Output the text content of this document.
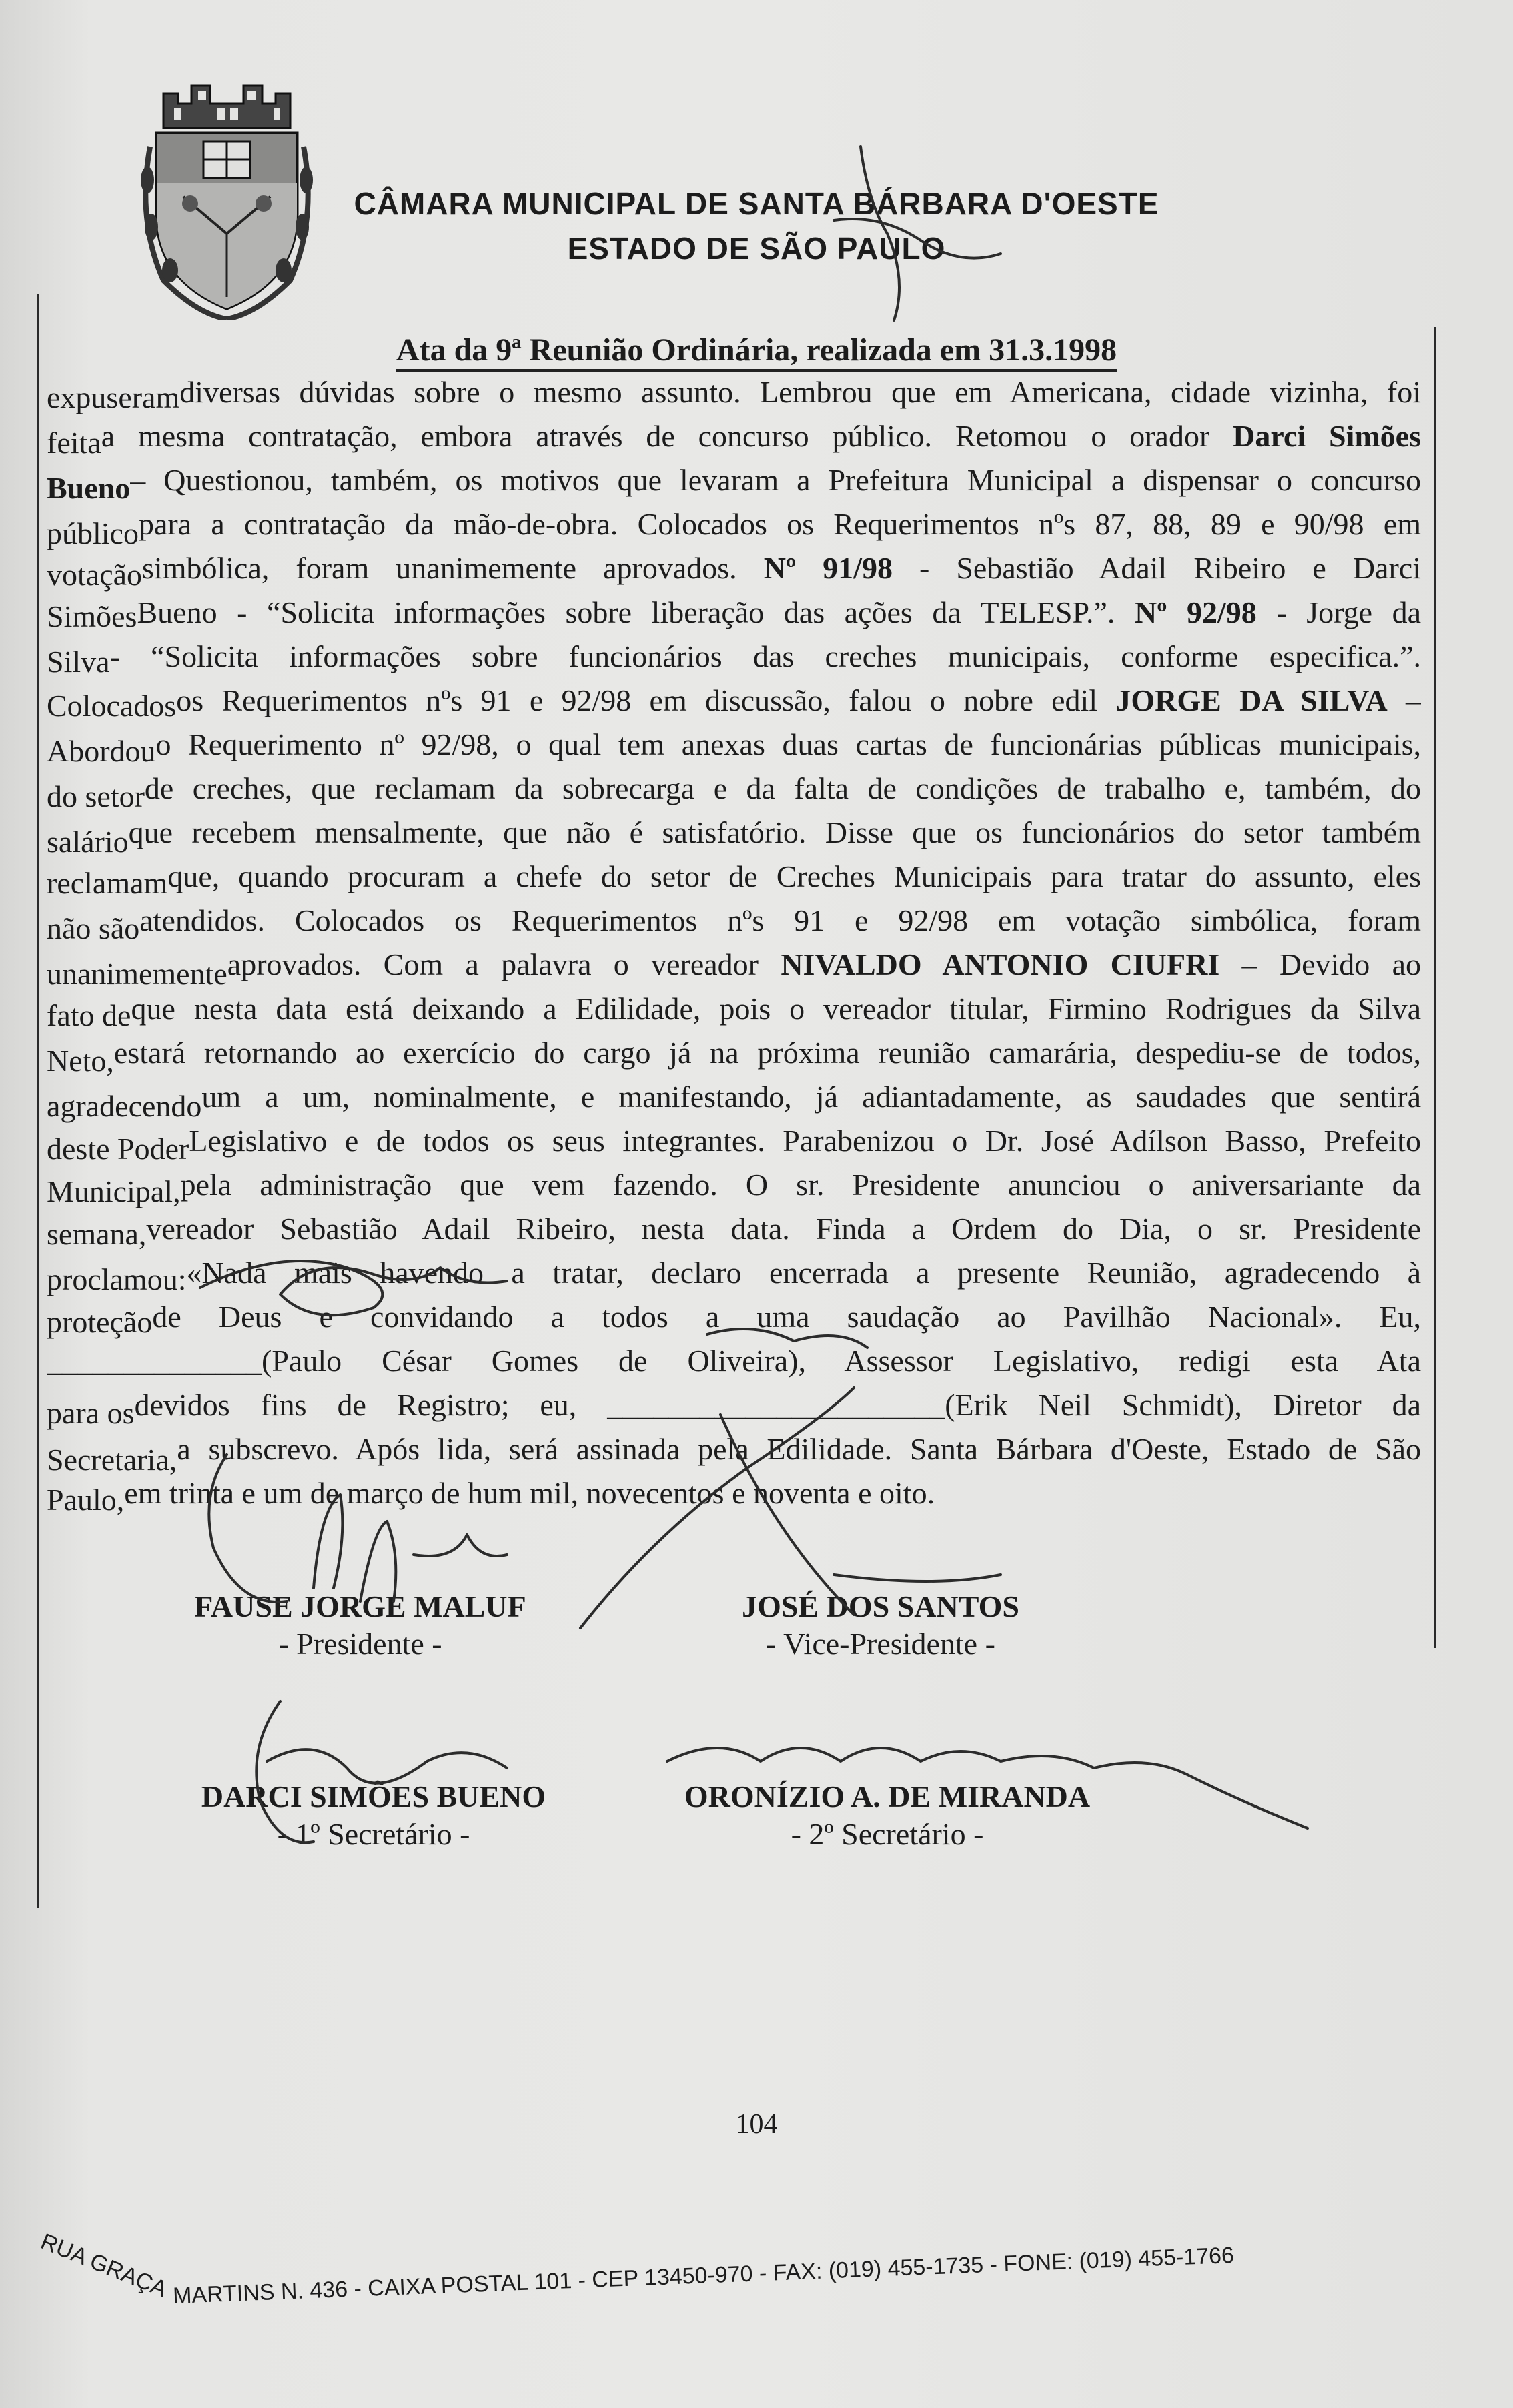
CÂMARA MUNICIPAL DE SANTA BÁRBARA D'OESTE
ESTADO DE SÃO PAULO
Ata da 9ª Reunião Ordinária, realizada em 31.3.1998
expuseram diversas dúvidas sobre o mesmo assunto. Lembrou que em Americana, cidade vizinha, foi
feita a mesma contratação, embora através de concurso público. Retomou o orador Darci Simões
Bueno – Questionou, também, os motivos que levaram a Prefeitura Municipal a dispensar o concurso
público para a contratação da mão-de-obra. Colocados os Requerimentos nºs 87, 88, 89 e 90/98 em
votação simbólica, foram unanimemente aprovados. Nº 91/98 - Sebastião Adail Ribeiro e Darci
Simões Bueno - “Solicita informações sobre liberação das ações da TELESP.”. Nº 92/98 - Jorge da
Silva - “Solicita informações sobre funcionários das creches municipais, conforme especifica.”.
Colocados os Requerimentos nºs 91 e 92/98 em discussão, falou o nobre edil JORGE DA SILVA –
Abordou o Requerimento nº 92/98, o qual tem anexas duas cartas de funcionárias públicas municipais,
do setor de creches, que reclamam da sobrecarga e da falta de condições de trabalho e, também, do
salário que recebem mensalmente, que não é satisfatório. Disse que os funcionários do setor também
reclamam que, quando procuram a chefe do setor de Creches Municipais para tratar do assunto, eles
não são atendidos. Colocados os Requerimentos nºs 91 e 92/98 em votação simbólica, foram
unanimemente aprovados. Com a palavra o vereador NIVALDO ANTONIO CIUFRI – Devido ao
fato de que nesta data está deixando a Edilidade, pois o vereador titular, Firmino Rodrigues da Silva
Neto, estará retornando ao exercício do cargo já na próxima reunião camarária, despediu-se de todos,
agradecendo um a um, nominalmente, e manifestando, já adiantadamente, as saudades que sentirá
deste Poder Legislativo e de todos os seus integrantes. Parabenizou o Dr. José Adílson Basso, Prefeito
Municipal, pela administração que vem fazendo. O sr. Presidente anunciou o aniversariante da
semana, vereador Sebastião Adail Ribeiro, nesta data. Finda a Ordem do Dia, o sr. Presidente
proclamou: «Nada mais havendo a tratar, declaro encerrada a presente Reunião, agradecendo à
proteção de Deus e convidando a todos a uma saudação ao Pavilhão Nacional». Eu,
______________(Paulo César Gomes de Oliveira), Assessor Legislativo, redigi esta Ata
para os devidos fins de Registro; eu, ______________________(Erik Neil Schmidt), Diretor da
Secretaria, a subscrevo. Após lida, será assinada pela Edilidade. Santa Bárbara d'Oeste, Estado de São
Paulo, em trinta e um de março de hum mil, novecentos e noventa e oito.
FAUSE JORGE MALUF
- Presidente -
JOSÉ DOS SANTOS
- Vice-Presidente -
DARCI SIMÕES BUENO
- 1º Secretário -
ORONÍZIO A. DE MIRANDA
- 2º Secretário -
104
RUA GRAÇA MARTINS N. 436 - CAIXA POSTAL 101 - CEP 13450-970 - FAX: (019) 455-1735 - FONE: (019) 455-1766
